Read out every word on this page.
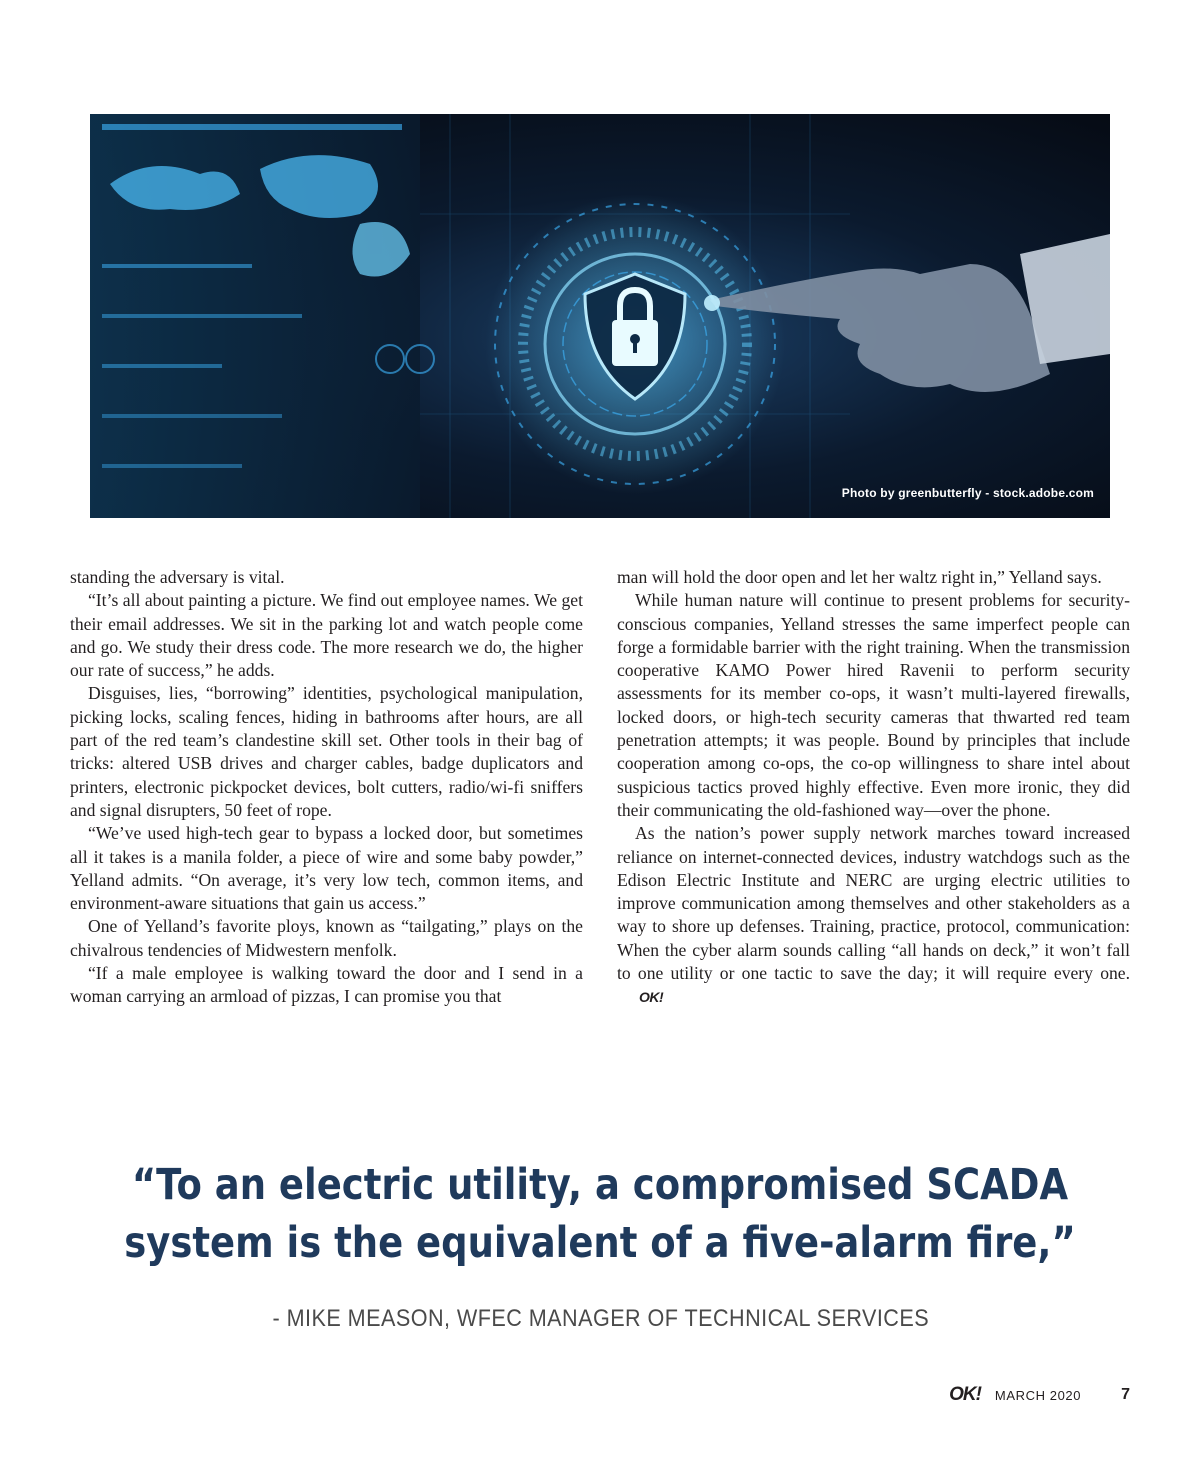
Photo by greenbutterfly - stock.adobe.com

standing the adversary is vital.

“It’s all about painting a picture. We find out employee names. We get their email addresses. We sit in the parking lot and watch people come and go. We study their dress code. The more research we do, the higher our rate of success,” he adds.

Disguises, lies, “borrowing” identities, psychological manipulation, picking locks, scaling fences, hiding in bathrooms after hours, are all part of the red team’s clandestine skill set. Other tools in their bag of tricks: altered USB drives and charger cables, badge duplicators and printers, electronic pickpocket devices, bolt cutters, radio/wi-fi sniffers and signal disrupters, 50 feet of rope.

“We’ve used high-tech gear to bypass a locked door, but sometimes all it takes is a manila folder, a piece of wire and some baby powder,” Yelland admits. “On average, it’s very low tech, common items, and environment-aware situations that gain us access.”

One of Yelland’s favorite ploys, known as “tailgating,” plays on the chivalrous tendencies of Midwestern menfolk.

“If a male employee is walking toward the door and I send in a woman carrying an armload of pizzas, I can promise you that

man will hold the door open and let her waltz right in,” Yelland says.

While human nature will continue to present problems for security-conscious companies, Yelland stresses the same imperfect people can forge a formidable barrier with the right training. When the transmission cooperative KAMO Power hired Ravenii to perform security assessments for its member co-ops, it wasn’t multi-layered firewalls, locked doors, or high-tech security cameras that thwarted red team penetration attempts; it was people. Bound by principles that include cooperation among co-ops, the co-op willingness to share intel about suspicious tactics proved highly effective. Even more ironic, they did their communicating the old-fashioned way—over the phone.

As the nation’s power supply network marches toward increased reliance on internet-connected devices, industry watchdogs such as the Edison Electric Institute and NERC are urging electric utilities to improve communication among themselves and other stakeholders as a way to shore up defenses. Training, practice, protocol, communication: When the cyber alarm sounds calling “all hands on deck,” it won’t fall to one utility or one tactic to save the day; it will require every one.OK!

“To an electric utility, a compromised SCADA
system is the equivalent of a five-alarm fire,”
- MIKE MEASON, WFEC MANAGER OF TECHNICAL SERVICES
OK! MARCH 2020	7
